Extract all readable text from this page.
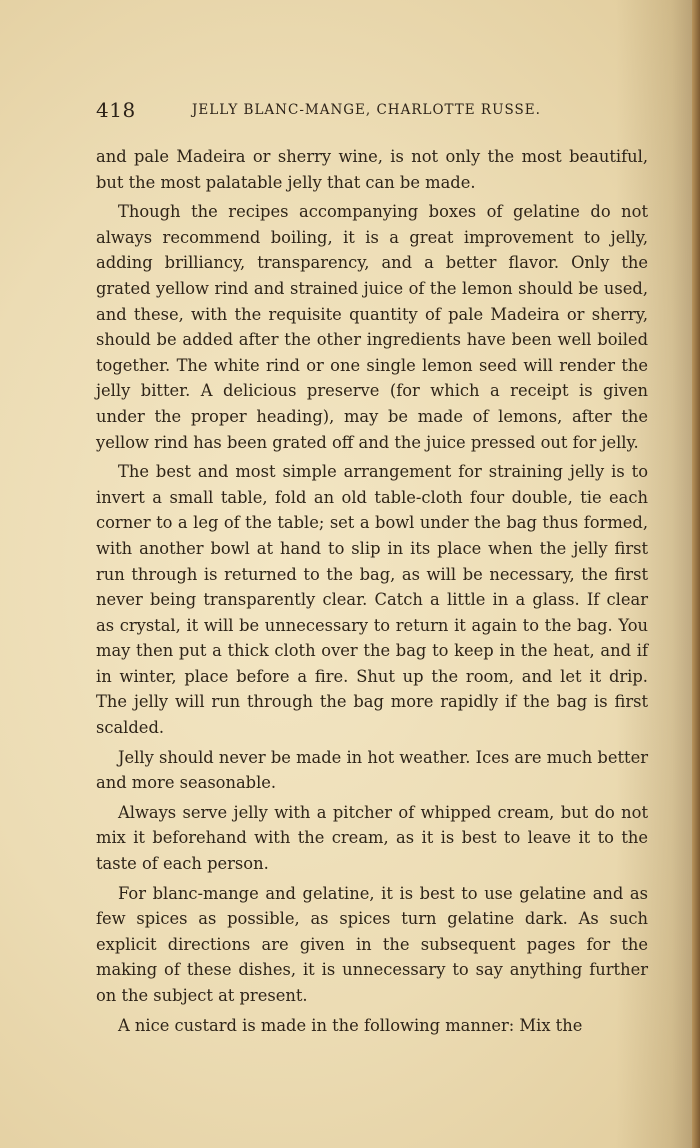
418	JELLY BLANC-MANGE, CHARLOTTE RUSSE.

and pale Madeira or sherry wine, is not only the most beautiful, but the most palatable jelly that can be made.

Though the recipes accompanying boxes of gelatine do not always recommend boiling, it is a great improvement to jelly, adding brilliancy, transparency, and a better flavor. Only the grated yellow rind and strained juice of the lemon should be used, and these, with the requisite quantity of pale Madeira or sherry, should be added after the other ingredients have been well boiled together. The white rind or one single lemon seed will render the jelly bitter. A delicious preserve (for which a receipt is given under the proper heading), may be made of lemons, after the yellow rind has been grated off and the juice pressed out for jelly.

The best and most simple arrangement for straining jelly is to invert a small table, fold an old table-cloth four double, tie each corner to a leg of the table; set a bowl under the bag thus formed, with another bowl at hand to slip in its place when the jelly first run through is returned to the bag, as will be necessary, the first never being transparently clear. Catch a little in a glass. If clear as crystal, it will be unnecessary to return it again to the bag. You may then put a thick cloth over the bag to keep in the heat, and if in winter, place before a fire. Shut up the room, and let it drip. The jelly will run through the bag more rapidly if the bag is first scalded.

Jelly should never be made in hot weather. Ices are much better and more seasonable.

Always serve jelly with a pitcher of whipped cream, but do not mix it beforehand with the cream, as it is best to leave it to the taste of each person.

For blanc-mange and gelatine, it is best to use gelatine and as few spices as possible, as spices turn gelatine dark. As such explicit directions are given in the subsequent pages for the making of these dishes, it is unnecessary to say anything further on the subject at present.

A nice custard is made in the following manner: Mix the
